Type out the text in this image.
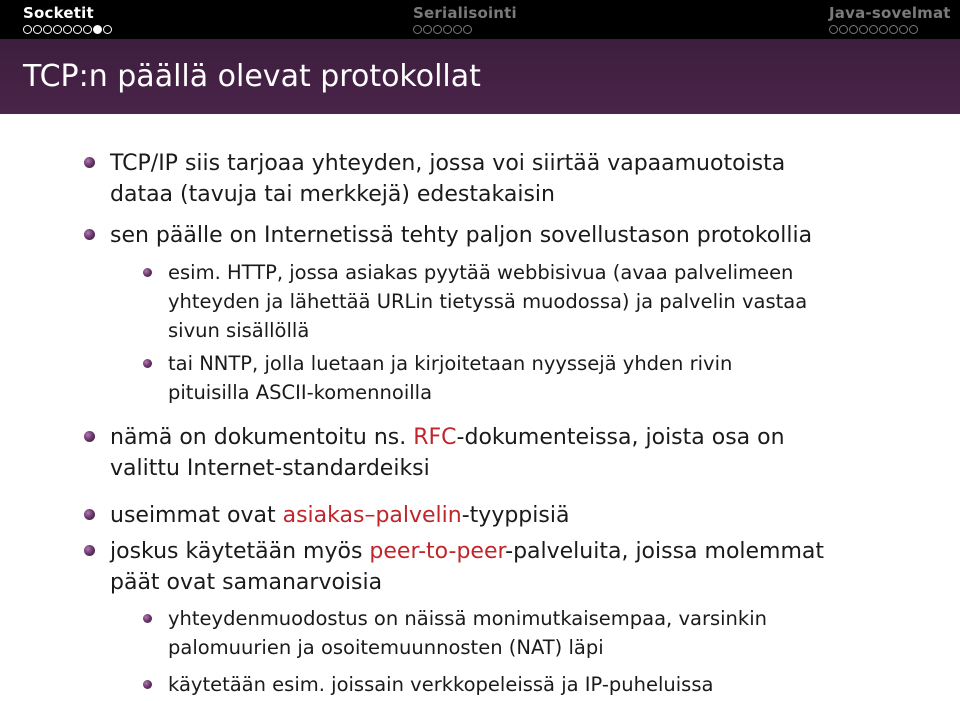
Socketit	Serialisointi	Java-sovelmat
TCP:n päällä olevat protokollat
TCP/IP siis tarjoaa yhteyden, jossa voi siirtää vapaamuotoista
dataa (tavuja tai merkkejä) edestakaisin
sen päälle on Internetissä tehty paljon sovellustason protokollia
esim. HTTP, jossa asiakas pyytää webbisivua (avaa palvelimeen
yhteyden ja lähettää URLin tietyssä muodossa) ja palvelin vastaa
sivun sisällöllä
tai NNTP, jolla luetaan ja kirjoitetaan nyyssejä yhden rivin
pituisilla ASCII-komennoilla
nämä on dokumentoitu ns. RFC-dokumenteissa, joista osa on
valittu Internet-standardeiksi
useimmat ovat asiakas–palvelin-tyyppisiä
joskus käytetään myös peer-to-peer-palveluita, joissa molemmat
päät ovat samanarvoisia
yhteydenmuodostus on näissä monimutkaisempaa, varsinkin
palomuurien ja osoitemuunnosten (NAT) läpi
käytetään esim. joissain verkkopeleissä ja IP-puheluissa
